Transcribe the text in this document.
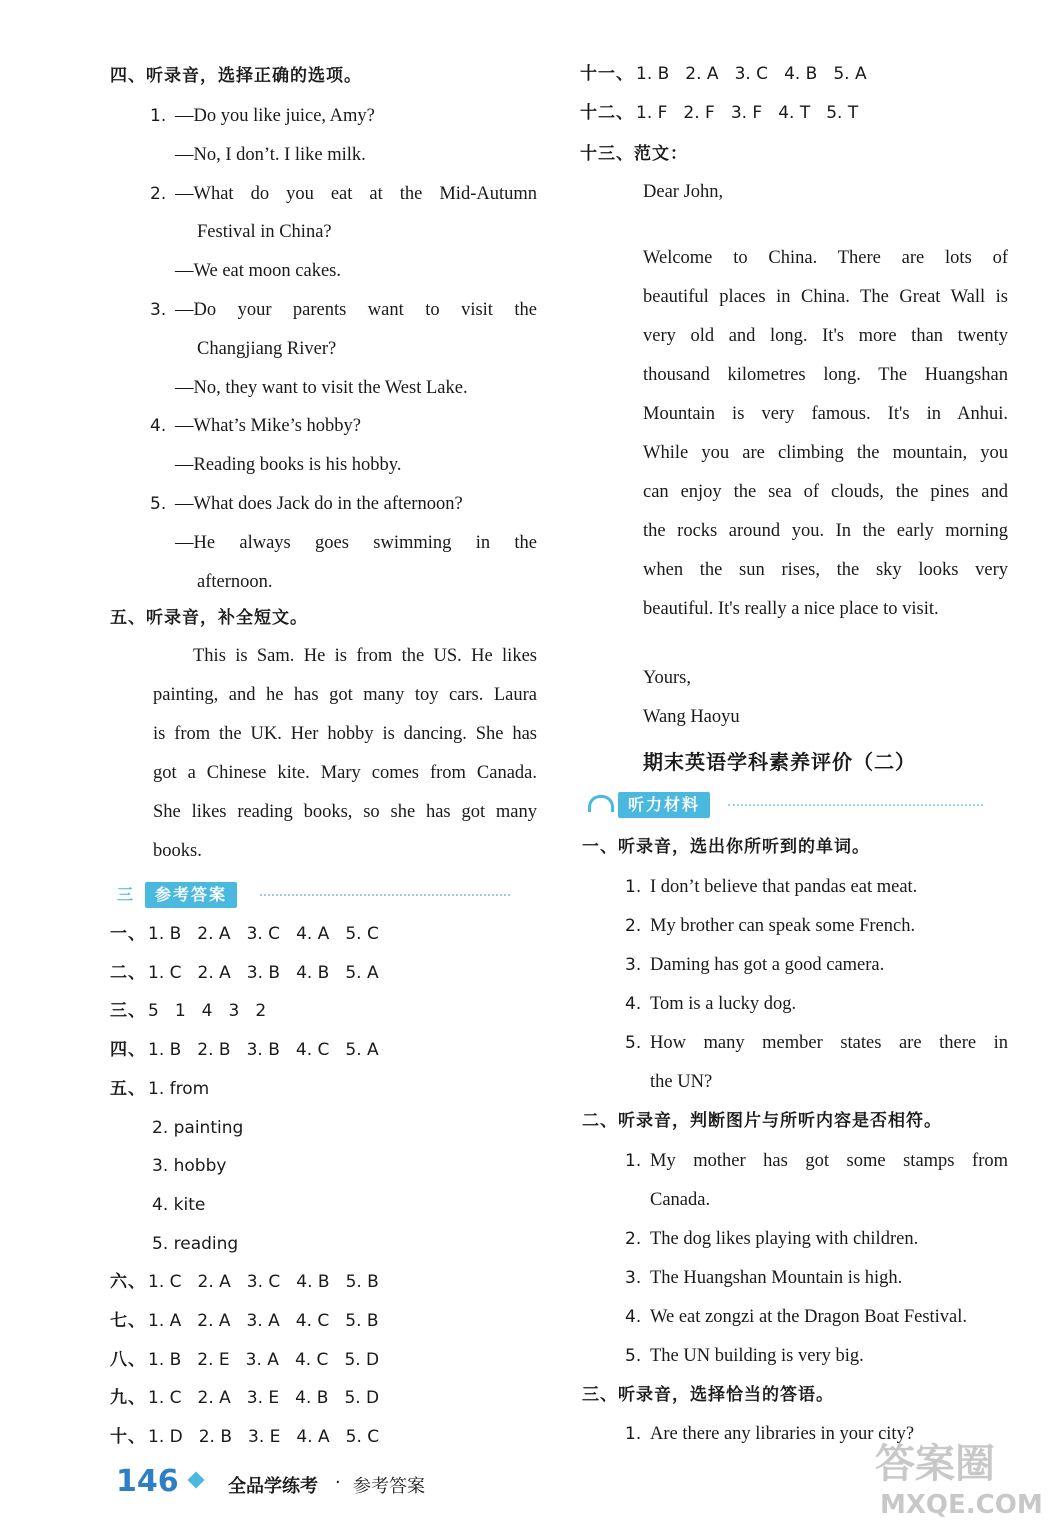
四、听录音，选择正确的选项。
1. —Do you like juice, Amy?
—No, I don’t. I like milk.
2. —What do you eat at the Mid-Autumn
Festival in China?
—We eat moon cakes.
3. —Do your parents want to visit the
Changjiang River?
—No, they want to visit the West Lake.
4. —What’s Mike’s hobby?
—Reading books is his hobby.
5. —What does Jack do in the afternoon?
—He always goes swimming in the
afternoon.
五、听录音，补全短文。
This is Sam. He is from the US. He likes
painting, and he has got many toy cars. Laura
is from the UK. Her hobby is dancing. She has
got a Chinese kite. Mary comes from Canada.
She likes reading books, so she has got many
books.
三	参考答案
一、 1. B 2. A 3. C 4. A 5. C
二、 1. C 2. A 3. B 4. B 5. A
三、 5 1 4 3 2
四、 1. B 2. B 3. B 4. C 5. A
五、 1. from
2. painting
3. hobby
4. kite
5. reading
六、 1. C 2. A 3. C 4. B 5. B
七、 1. A 2. A 3. A 4. C 5. B
八、 1. B 2. E 3. A 4. C 5. D
九、 1. C 2. A 3. E 4. B 5. D
十、 1. D 2. B 3. E 4. A 5. C
十一、 1. B 2. A 3. C 4. B 5. A
十二、 1. F 2. F 3. F 4. T 5. T
十三、范文：
Dear John,
Welcome to China. There are lots of
beautiful places in China. The Great Wall is
very old and long. It's more than twenty
thousand kilometres long. The Huangshan
Mountain is very famous. It's in Anhui.
While you are climbing the mountain, you
can enjoy the sea of clouds, the pines and
the rocks around you. In the early morning
when the sun rises, the sky looks very
beautiful. It's really a nice place to visit.
Yours,
Wang Haoyu
期末英语学科素养评价（二）
听力材料
一、听录音，选出你所听到的单词。
1. I don’t believe that pandas eat meat.
2. My brother can speak some French.
3. Daming has got a good camera.
4. Tom is a lucky dog.
5. How many member states are there in
the UN?
二、听录音，判断图片与所听内容是否相符。
1. My mother has got some stamps from
Canada.
2. The dog likes playing with children.
3. The Huangshan Mountain is high.
4. We eat zongzi at the Dragon Boat Festival.
5. The UN building is very big.
三、听录音，选择恰当的答语。
1. Are there any libraries in your city?
146	全品学练考 · 参考答案	答案圈
MXQE.COM
